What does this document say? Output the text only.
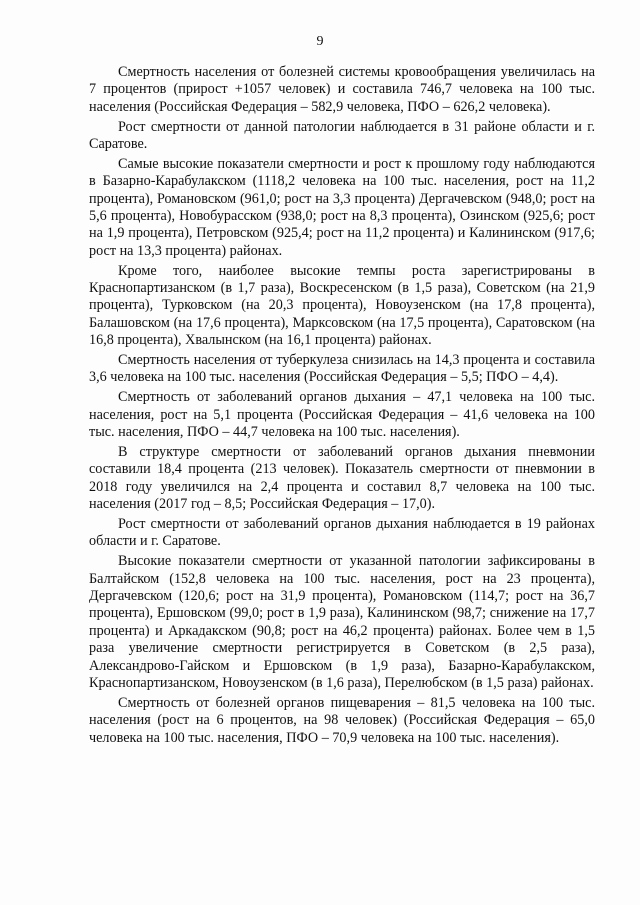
9

Смертность населения от болезней системы кровообращения увеличилась на 7 процентов (прирост +1057 человек) и составила 746,7 человека на 100 тыс. населения (Российская Федерация – 582,9 человека, ПФО – 626,2 человека).

Рост смертности от данной патологии наблюдается в 31 районе области и г. Саратове.

Самые высокие показатели смертности и рост к прошлому году наблюдаются в Базарно-Карабулакском (1118,2 человека на 100 тыс. населения, рост на 11,2 процента), Романовском (961,0; рост на 3,3 процента) Дергачевском (948,0; рост на 5,6 процента), Новобурасском (938,0; рост на 8,3 процента), Озинском (925,6; рост на 1,9 процента), Петровском (925,4; рост на 11,2 процента) и Калининском (917,6; рост на 13,3 процента) районах.

Кроме того, наиболее высокие темпы роста зарегистрированы в Краснопартизанском (в 1,7 раза), Воскресенском (в 1,5 раза), Советском (на 21,9 процента), Турковском (на 20,3 процента), Новоузенском (на 17,8 процента), Балашовском (на 17,6 процента), Марксовском (на 17,5 процента), Саратовском (на 16,8 процента), Хвалынском (на 16,1 процента) районах.

Смертность населения от туберкулеза снизилась на 14,3 процента и составила 3,6 человека на 100 тыс. населения (Российская Федерация – 5,5; ПФО – 4,4).

Смертность от заболеваний органов дыхания – 47,1 человека на 100 тыс. населения, рост на 5,1 процента (Российская Федерация – 41,6 человека на 100 тыс. населения, ПФО – 44,7 человека на 100 тыс. населения).

В структуре смертности от заболеваний органов дыхания пневмонии составили 18,4 процента (213 человек). Показатель смертности от пневмонии в 2018 году увеличился на 2,4 процента и составил 8,7 человека на 100 тыс. населения (2017 год – 8,5; Российская Федерация – 17,0).

Рост смертности от заболеваний органов дыхания наблюдается в 19 районах области и г. Саратове.

Высокие показатели смертности от указанной патологии зафиксированы в Балтайском (152,8 человека на 100 тыс. населения, рост на 23 процента), Дергачевском (120,6; рост на 31,9 процента), Романовском (114,7; рост на 36,7 процента), Ершовском (99,0; рост в 1,9 раза), Калининском (98,7; снижение на 17,7 процента) и Аркадакском (90,8; рост на 46,2 процента) районах. Более чем в 1,5 раза увеличение смертности регистрируется в Советском (в 2,5 раза), Александрово-Гайском и Ершовском (в 1,9 раза), Базарно-Карабулакском, Краснопартизанском, Новоузенском (в 1,6 раза), Перелюбском (в 1,5 раза) районах.

Смертность от болезней органов пищеварения – 81,5 человека на 100 тыс. населения (рост на 6 процентов, на 98 человек) (Российская Федерация – 65,0 человека на 100 тыс. населения, ПФО – 70,9 человека на 100 тыс. населения).
